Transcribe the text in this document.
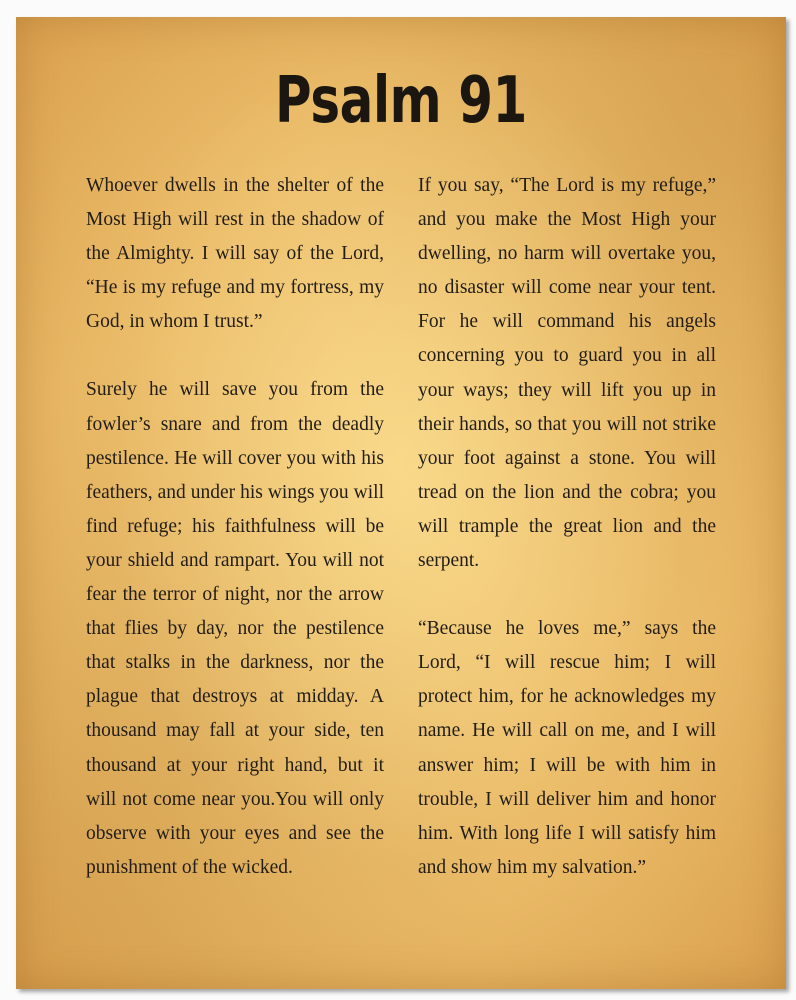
Psalm 91

Whoever dwells in the shelter of the Most High will rest in the shadow of the Almighty. I will say of the Lord, “He is my refuge and my fortress, my God, in whom I trust.”

Surely he will save you from the fowler’s snare and from the deadly pestilence. He will cover you with his feathers, and under his wings you will find refuge; his faithfulness will be your shield and rampart. You will not fear the terror of night, nor the arrow that flies by day, nor the pestilence that stalks in the darkness, nor the plague that destroys at midday. A thousand may fall at your side, ten thousand at your right hand, but it will not come near you.You will only observe with your eyes and see the punishment of the wicked.

If you say, “The Lord is my refuge,” and you make the Most High your dwelling, no harm will overtake you, no disaster will come near your tent. For he will command his angels concerning you to guard you in all your ways; they will lift you up in their hands, so that you will not strike your foot against a stone. You will tread on the lion and the cobra; you will trample the great lion and the serpent.

“Because he loves me,” says the Lord, “I will rescue him; I will protect him, for he acknowledges my name. He will call on me, and I will answer him; I will be with him in trouble, I will deliver him and honor him. With long life I will satisfy him and show him my salvation.”
